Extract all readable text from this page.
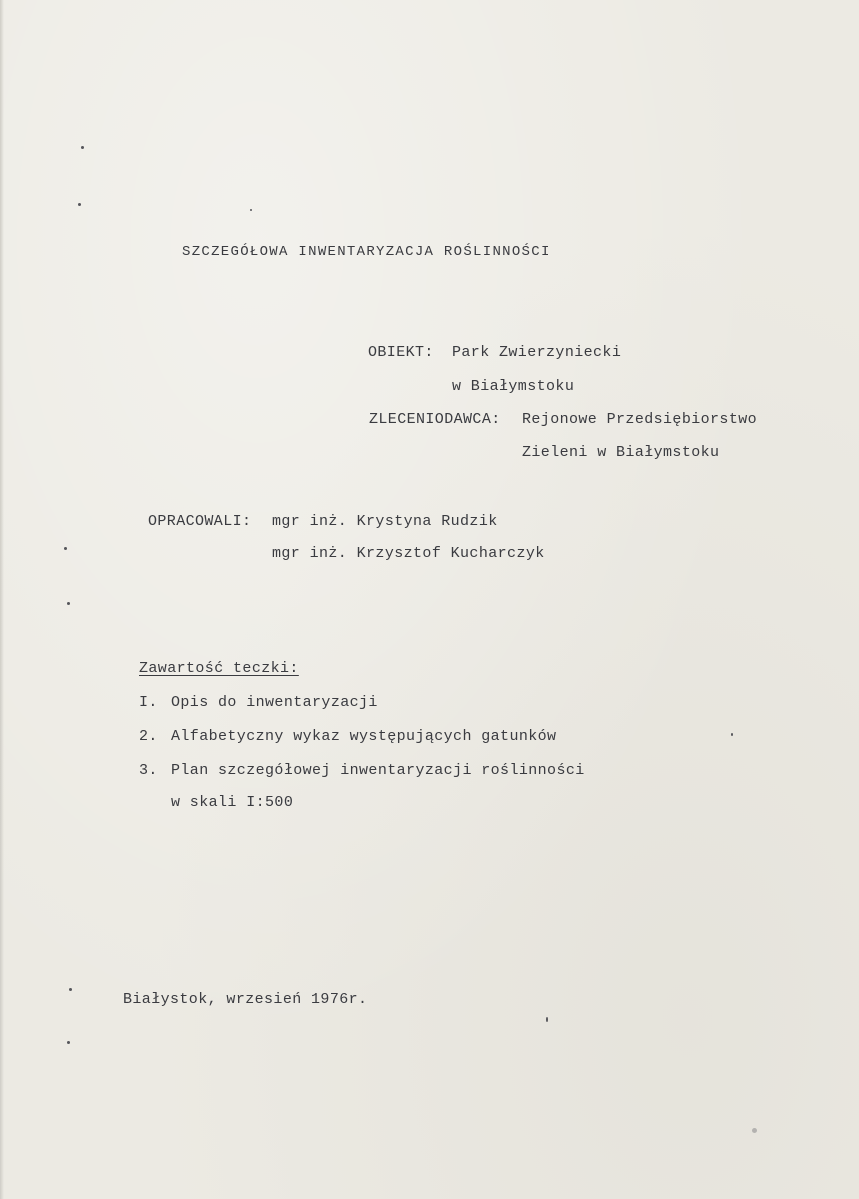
SZCZEGÓŁOWA INWENTARYZACJA ROŚLINNOŚCI
OBIEKT: Park Zwierzyniecki
w Białymstoku
ZLECENIODAWCA: Rejonowe Przedsiębiorstwo
Zieleni w Białymstoku
OPRACOWALI: mgr inż. Krystyna Rudzik
mgr inż. Krzysztof Kucharczyk
Zawartość teczki:
I. Opis do inwentaryzacji
2. Alfabetyczny wykaz występujących gatunków
3. Plan szczegółowej inwentaryzacji roślinności
w skali I:500
Białystok, wrzesień 1976r.
